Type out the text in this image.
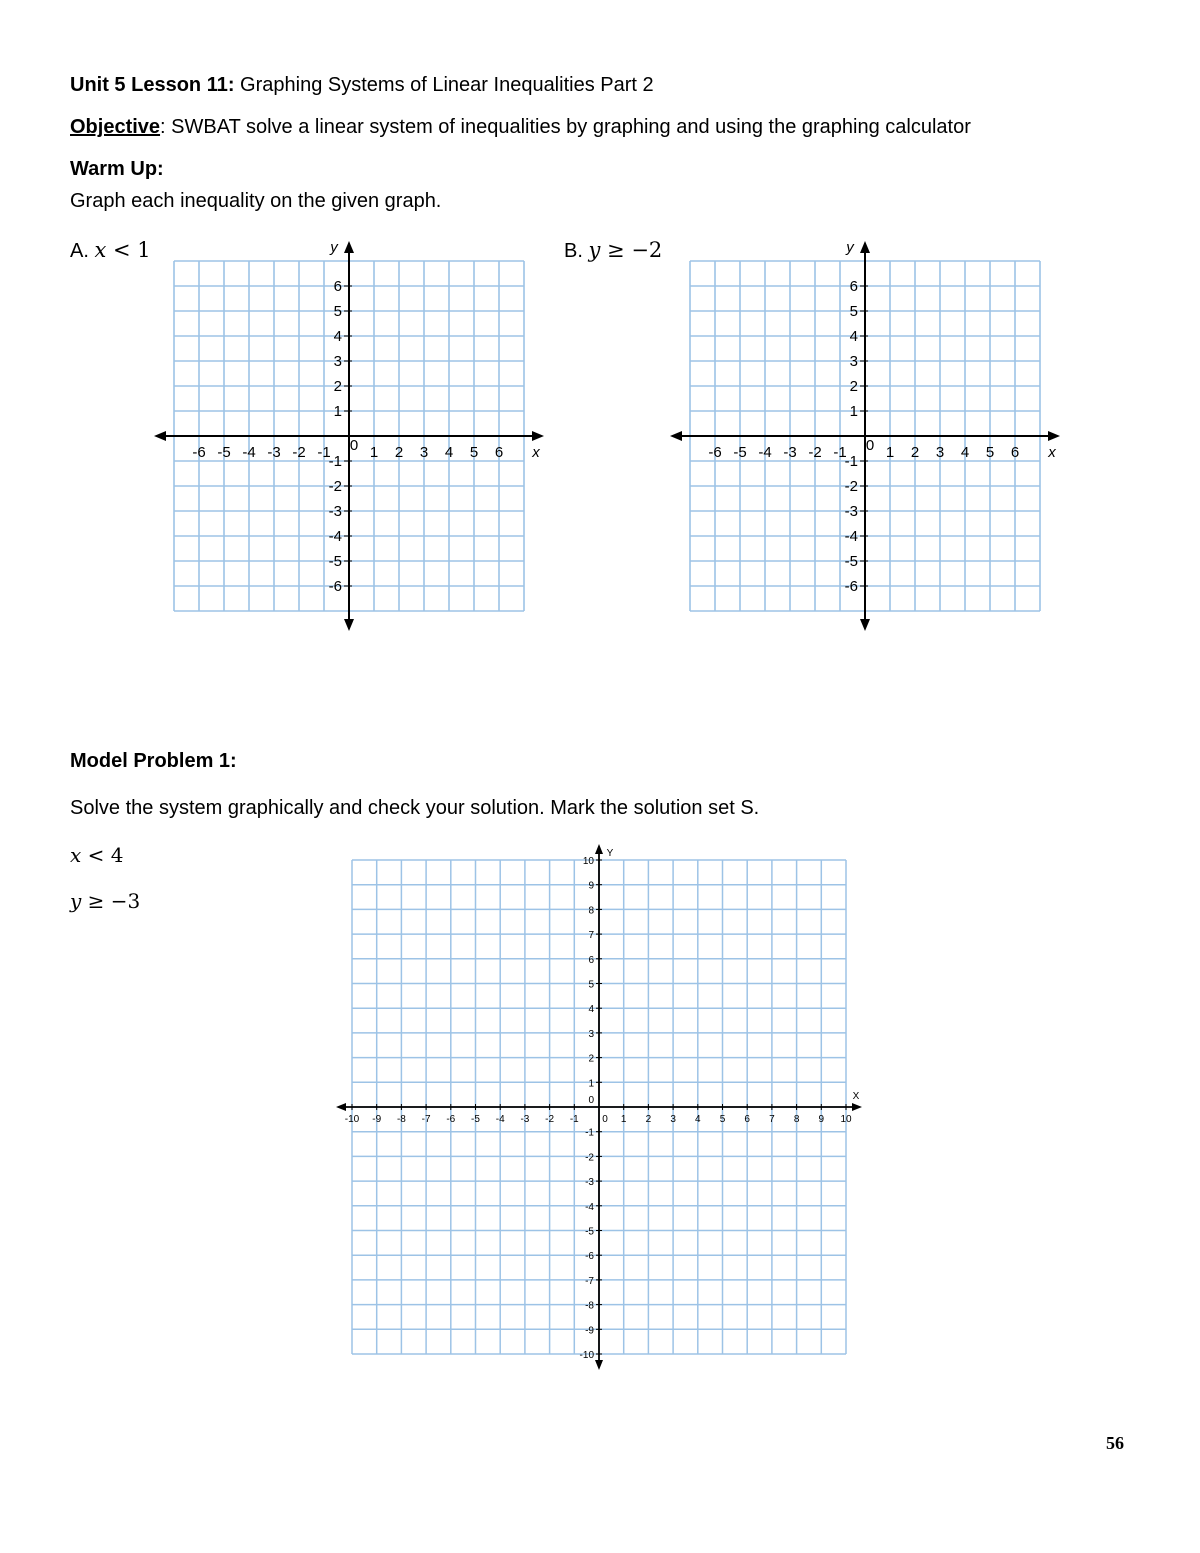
Unit 5 Lesson 11: Graphing Systems of Linear Inequalities Part 2
Objective: SWBAT solve a linear system of inequalities by graphing and using the graphing calculator
Warm Up:
Graph each inequality on the given graph.
A. x < 1	B. y ≥ −2
-6 -5 -4 -3 -2 -1	1 2 3 4 5 6
6
5
4
3
2
1
-1
-2
-3
-4
-5
-6
0	x
y
-6 -5 -4 -3 -2 -1	1 2 3 4 5 6
6
5
4
3
2
1
-1
-2
-3
-4
-5
-6
0	x
y
Model Problem 1:
Solve the system graphically and check your solution. Mark the solution set S.
x < 4
y ≥ −3
-10 -9 -8 -7 -6 -5 -4 -3 -2 -1 0 1 2 3 4 5 6 7 8 9 10
10
9
8
7
6
5
4
3
2
1
0
-1
-2
-3
-4
-5
-6
-7
-8
-9
-10
X
Y
56
